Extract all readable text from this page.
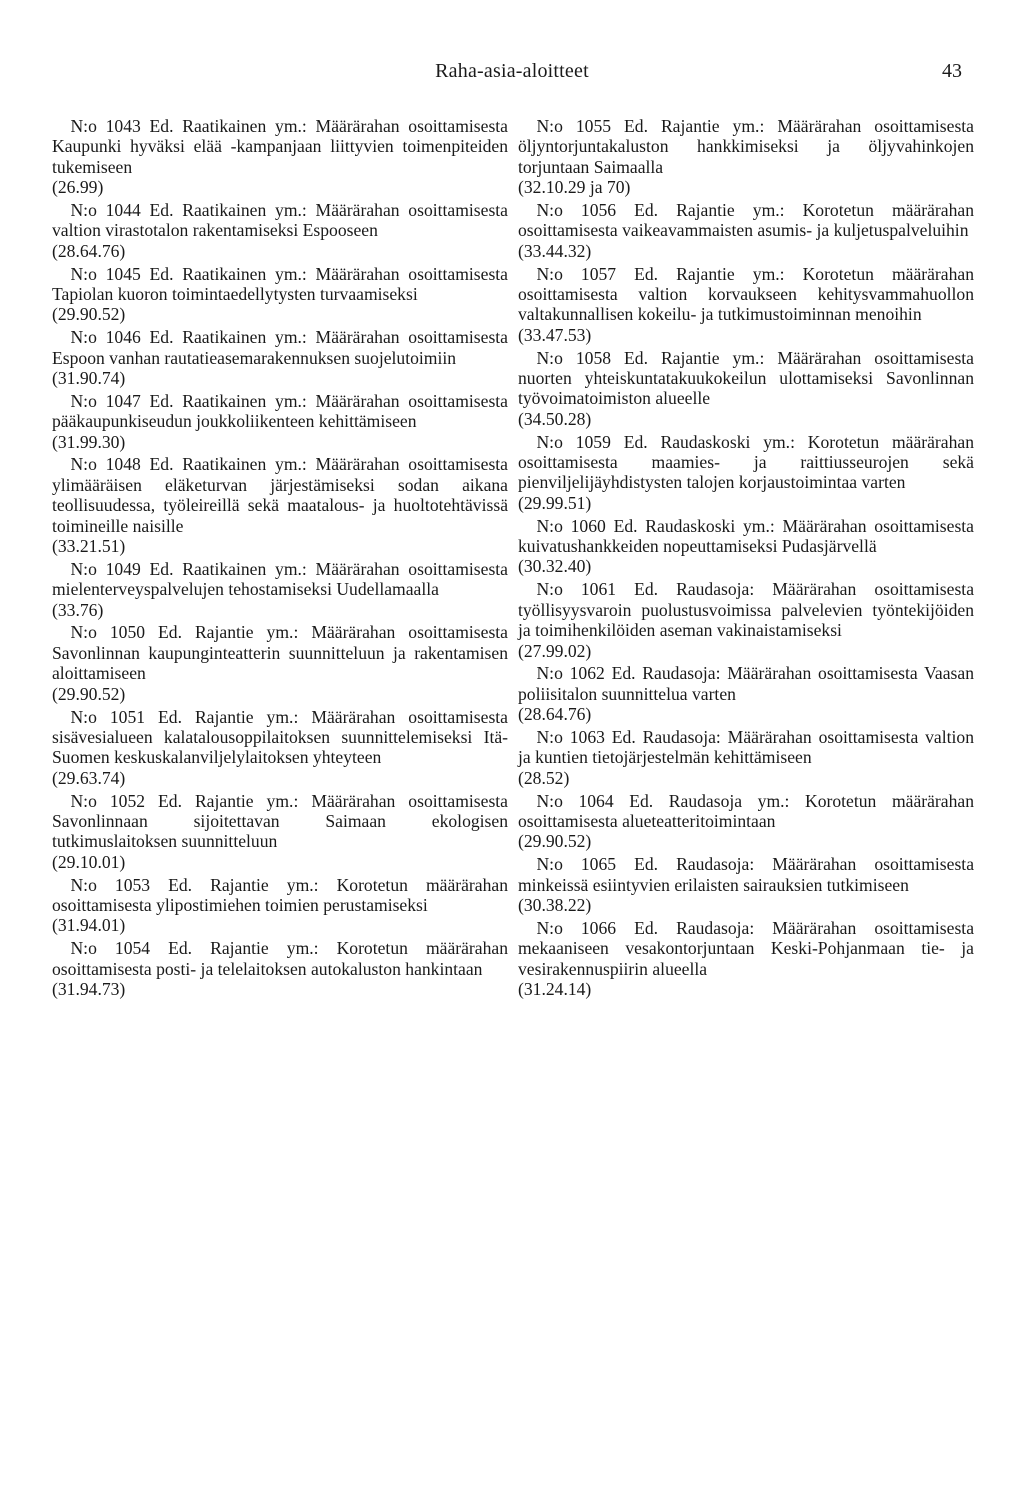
Raha-asia-aloitteet	43

N:o 1043 Ed. Raatikainen ym.: Määrärahan osoittamisesta Kaupunki hyväksi elää -kampanjaan liittyvien toimenpiteiden tukemiseen

(26.99)

N:o 1044 Ed. Raatikainen ym.: Määrärahan osoittamisesta valtion virastotalon rakentamiseksi Espooseen

(28.64.76)

N:o 1045 Ed. Raatikainen ym.: Määrärahan osoittamisesta Tapiolan kuoron toimintaedellytysten turvaamiseksi

(29.90.52)

N:o 1046 Ed. Raatikainen ym.: Määrärahan osoittamisesta Espoon vanhan rautatieasemarakennuksen suojelutoimiin

(31.90.74)

N:o 1047 Ed. Raatikainen ym.: Määrärahan osoittamisesta pääkaupunkiseudun joukkoliikenteen kehittämiseen

(31.99.30)

N:o 1048 Ed. Raatikainen ym.: Määrärahan osoittamisesta ylimääräisen eläketurvan järjestämiseksi sodan aikana teollisuudessa, työleireillä sekä maatalous- ja huoltotehtävissä toimineille naisille

(33.21.51)

N:o 1049 Ed. Raatikainen ym.: Määrärahan osoittamisesta mielenterveyspalvelujen tehostamiseksi Uudellamaalla

(33.76)

N:o 1050 Ed. Rajantie ym.: Määrärahan osoittamisesta Savonlinnan kaupunginteatterin suunnitteluun ja rakentamisen aloittamiseen

(29.90.52)

N:o 1051 Ed. Rajantie ym.: Määrärahan osoittamisesta sisävesialueen kalatalousoppilaitoksen suunnittelemiseksi Itä-Suomen keskuskalanviljelylaitoksen yhteyteen

(29.63.74)

N:o 1052 Ed. Rajantie ym.: Määrärahan osoittamisesta Savonlinnaan sijoitettavan Saimaan ekologisen tutkimuslaitoksen suunnitteluun

(29.10.01)

N:o 1053 Ed. Rajantie ym.: Korotetun määrärahan osoittamisesta ylipostimiehen toimien perustamiseksi

(31.94.01)

N:o 1054 Ed. Rajantie ym.: Korotetun määrärahan osoittamisesta posti- ja telelaitoksen autokaluston hankintaan

(31.94.73)

N:o 1055 Ed. Rajantie ym.: Määrärahan osoittamisesta öljyntorjuntakaluston hankkimiseksi ja öljyvahinkojen torjuntaan Saimaalla

(32.10.29 ja 70)

N:o 1056 Ed. Rajantie ym.: Korotetun määrärahan osoittamisesta vaikeavammaisten asumis- ja kuljetuspalveluihin

(33.44.32)

N:o 1057 Ed. Rajantie ym.: Korotetun määrärahan osoittamisesta valtion korvaukseen kehitysvammahuollon valtakunnallisen kokeilu- ja tutkimustoiminnan menoihin

(33.47.53)

N:o 1058 Ed. Rajantie ym.: Määrärahan osoittamisesta nuorten yhteiskuntatakuukokeilun ulottamiseksi Savonlinnan työvoimatoimiston alueelle

(34.50.28)

N:o 1059 Ed. Raudaskoski ym.: Korotetun määrärahan osoittamisesta maamies- ja raittiusseurojen sekä pienviljelijäyhdistysten talojen korjaustoimintaa varten

(29.99.51)

N:o 1060 Ed. Raudaskoski ym.: Määrärahan osoittamisesta kuivatushankkeiden nopeuttamiseksi Pudasjärvellä

(30.32.40)

N:o 1061 Ed. Raudasoja: Määrärahan osoittamisesta työllisyysvaroin puolustusvoimissa palvelevien työntekijöiden ja toimihenkilöiden aseman vakinaistamiseksi

(27.99.02)

N:o 1062 Ed. Raudasoja: Määrärahan osoittamisesta Vaasan poliisitalon suunnittelua varten

(28.64.76)

N:o 1063 Ed. Raudasoja: Määrärahan osoittamisesta valtion ja kuntien tietojärjestelmän kehittämiseen

(28.52)

N:o 1064 Ed. Raudasoja ym.: Korotetun määrärahan osoittamisesta alueteatteritoimintaan

(29.90.52)

N:o 1065 Ed. Raudasoja: Määrärahan osoittamisesta minkeissä esiintyvien erilaisten sairauksien tutkimiseen

(30.38.22)

N:o 1066 Ed. Raudasoja: Määrärahan osoittamisesta mekaaniseen vesakontorjuntaan Keski-Pohjanmaan tie- ja vesirakennuspiirin alueella

(31.24.14)
